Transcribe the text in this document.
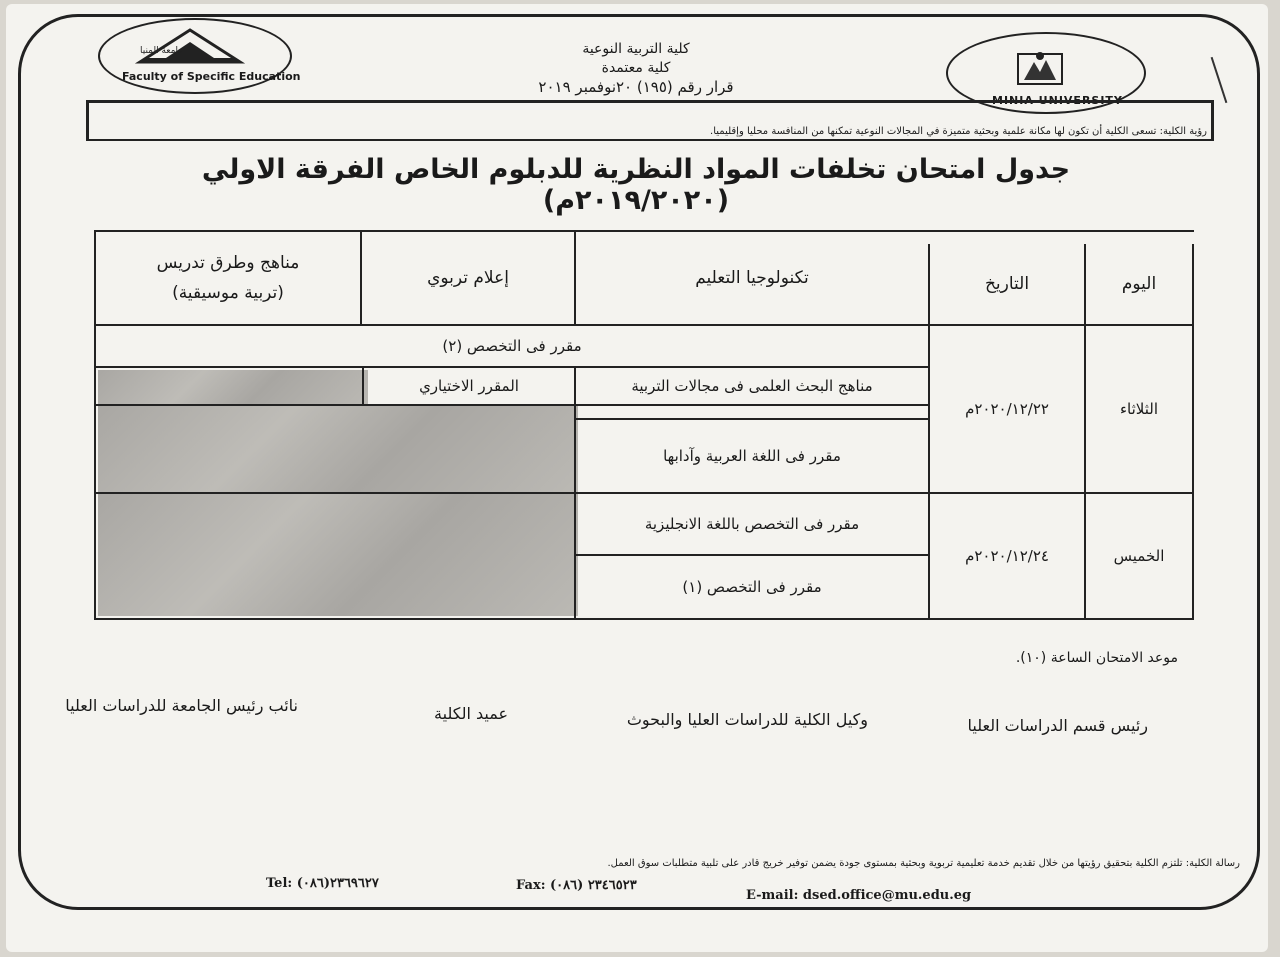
جامعة المنيا
Faculty of Specific Education
MINIA UNIVERSITY
كلية التربية النوعية
كلية معتمدة
قرار رقم (١٩٥) ٢٠نوفمبر ٢٠١٩
رؤية الكلية: تسعى الكلية أن تكون لها مكانة علمية وبحثية متميزة في المجالات النوعية تمكنها من المنافسة محليا وإقليميا.
جدول امتحان تخلفات المواد النظرية للدبلوم الخاص الفرقة الاولي (٢٠١٩/٢٠٢٠م)
اليوم
التاريخ
تكنولوجيا التعليم
إعلام تربوي
مناهج وطرق تدريس
(تربية موسيقية)
الثلاثاء
٢٠٢٠/١٢/٢٢م
مقرر فى التخصص (٢)
مناهج البحث العلمى فى مجالات التربية
المقرر الاختياري
مقرر فى اللغة العربية وآدابها
الخميس
٢٠٢٠/١٢/٢٤م
مقرر فى التخصص باللغة الانجليزية
مقرر فى التخصص (١)
موعد الامتحان الساعة (١٠).
رئيس قسم الدراسات العليا
وكيل الكلية للدراسات العليا والبحوث
عميد الكلية
نائب رئيس الجامعة للدراسات العليا
رسالة الكلية: تلتزم الكلية بتحقيق رؤيتها من خلال تقديم خدمة تعليمية تربوية وبحثية بمستوى جودة يضمن توفير خريج قادر على تلبية متطلبات سوق العمل.
Tel: (٠٨٦)٢٣٦٩٦٢٧	Fax: (٠٨٦) ٢٣٤٦٥٢٣
E-mail: dsed.office@mu.edu.eg
